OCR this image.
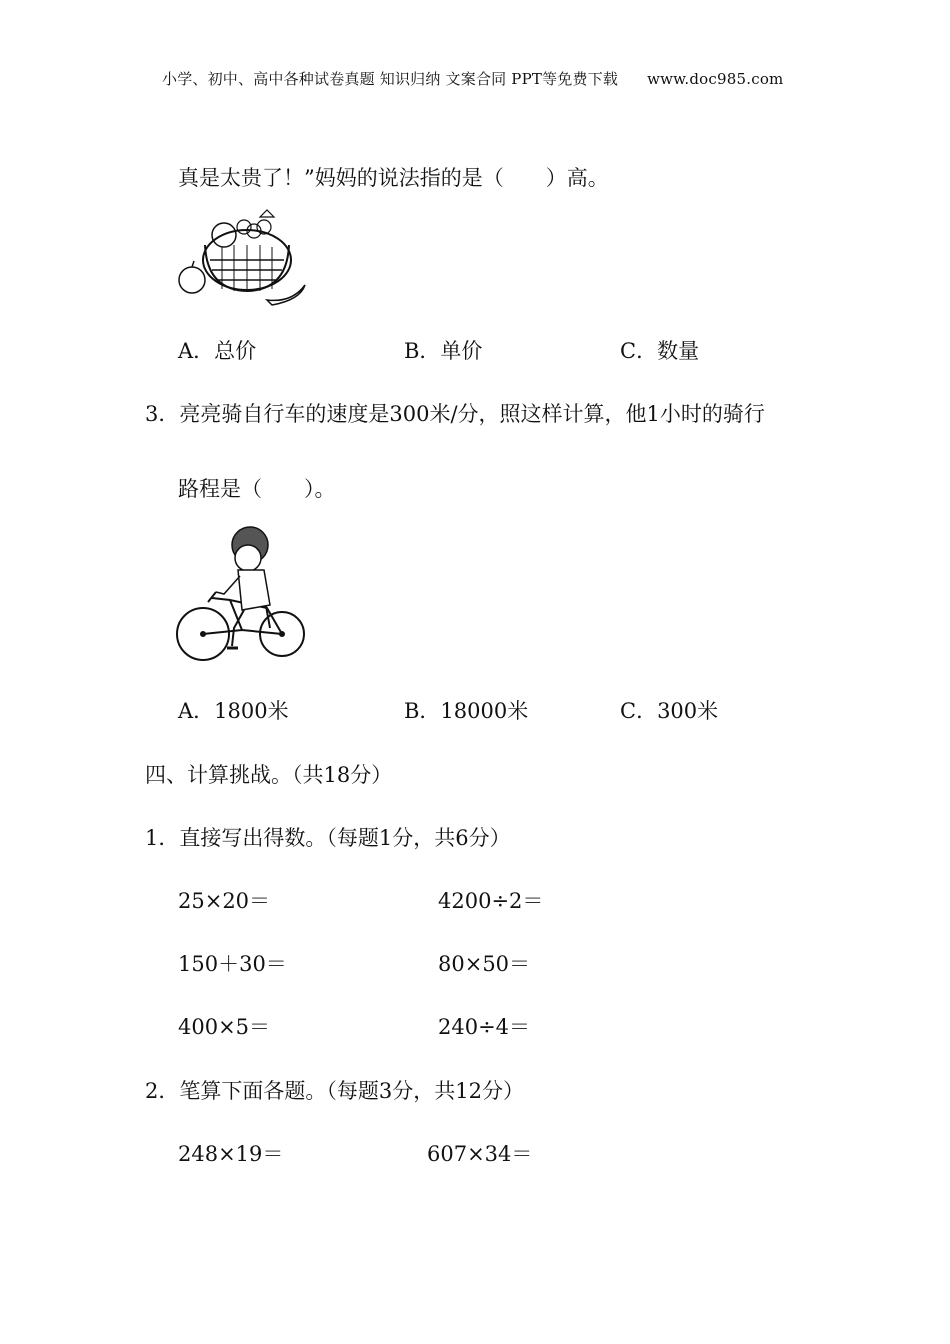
小学、初中、高中各种试卷真题 知识归纳 文案合同 PPT等免费下载 www.doc985.com
真是太贵了！”妈妈的说法指的是（　　）高。
A．总价	B．单价	C．数量
3．亮亮骑自行车的速度是300米/分，照这样计算，他1小时的骑行
路程是（　　）。
A．1800米	B．18000米	C．300米
四、计算挑战。（共18分）
1．直接写出得数。（每题1分，共6分）
25×20＝	4200÷2＝
150＋30＝	80×50＝
400×5＝	240÷4＝
2．笔算下面各题。（每题3分，共12分）
248×19＝	607×34＝
